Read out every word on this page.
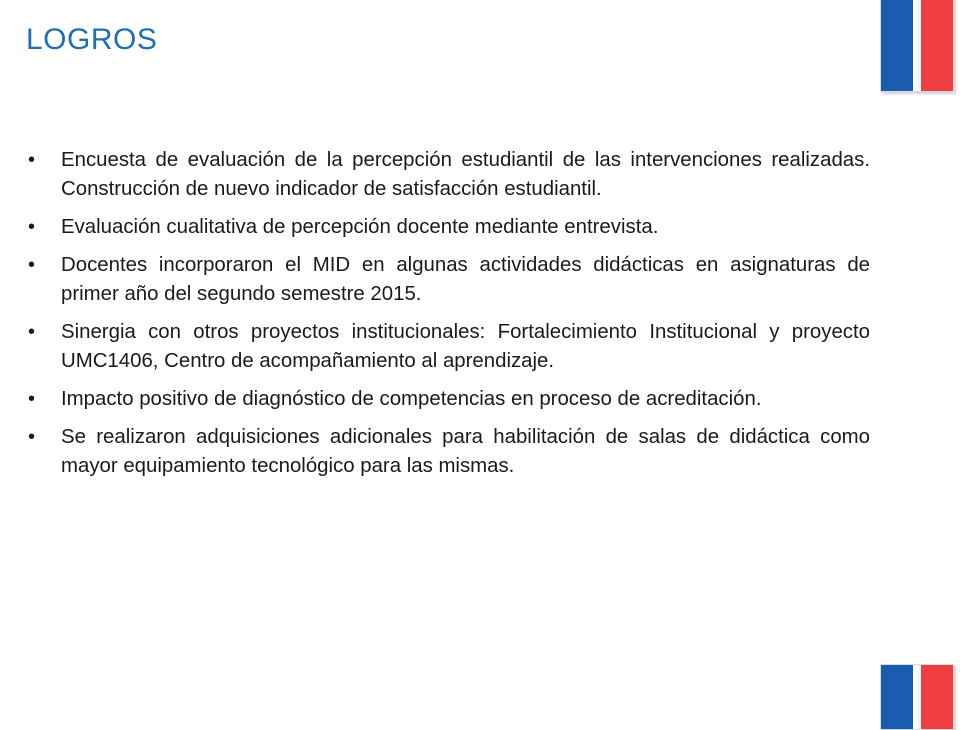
LOGROS
• Encuesta de evaluación de la percepción estudiantil de las intervenciones realizadas. Construcción de nuevo indicador de satisfacción estudiantil.
• Evaluación cualitativa de percepción docente mediante entrevista.
• Docentes incorporaron el MID en algunas actividades didácticas en asignaturas de primer año del segundo semestre 2015.
• Sinergia con otros proyectos institucionales: Fortalecimiento Institucional y proyecto UMC1406, Centro de acompañamiento al aprendizaje.
• Impacto positivo de diagnóstico de competencias en proceso de acreditación.
• Se realizaron adquisiciones adicionales para habilitación de salas de didáctica como mayor equipamiento tecnológico para las mismas.
